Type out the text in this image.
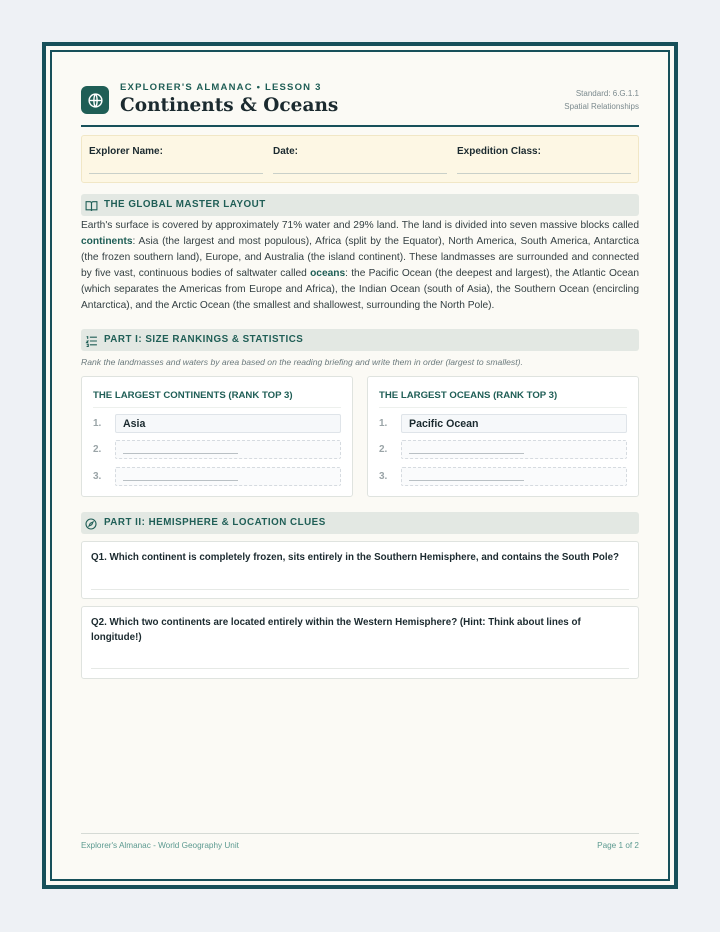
EXPLORER'S ALMANAC • LESSON 3
Continents & Oceans
Standard: 6.G.1.1
Spatial Relationships
Explorer Name:	Date:	Expedition Class:
THE GLOBAL MASTER LAYOUT
Earth's surface is covered by approximately 71% water and 29% land. The land is divided into seven massive blocks called continents: Asia (the largest and most populous), Africa (split by the Equator), North America, South America, Antarctica (the frozen southern land), Europe, and Australia (the island continent). These landmasses are surrounded and connected by five vast, continuous bodies of saltwater called oceans: the Pacific Ocean (the deepest and largest), the Atlantic Ocean (which separates the Americas from Europe and Africa), the Indian Ocean (south of Asia), the Southern Ocean (encircling Antarctica), and the Arctic Ocean (the smallest and shallowest, surrounding the North Pole).
PART I: SIZE RANKINGS & STATISTICS
Rank the landmasses and waters by area based on the reading briefing and write them in order (largest to smallest).
THE LARGEST CONTINENTS (RANK TOP 3)
1. Asia
2.
3.
THE LARGEST OCEANS (RANK TOP 3)
1. Pacific Ocean
2.
3.
PART II: HEMISPHERE & LOCATION CLUES
Q1. Which continent is completely frozen, sits entirely in the Southern Hemisphere, and contains the South Pole?
Q2. Which two continents are located entirely within the Western Hemisphere? (Hint: Think about lines of longitude!)
Explorer's Almanac - World Geography Unit	Page 1 of 2
